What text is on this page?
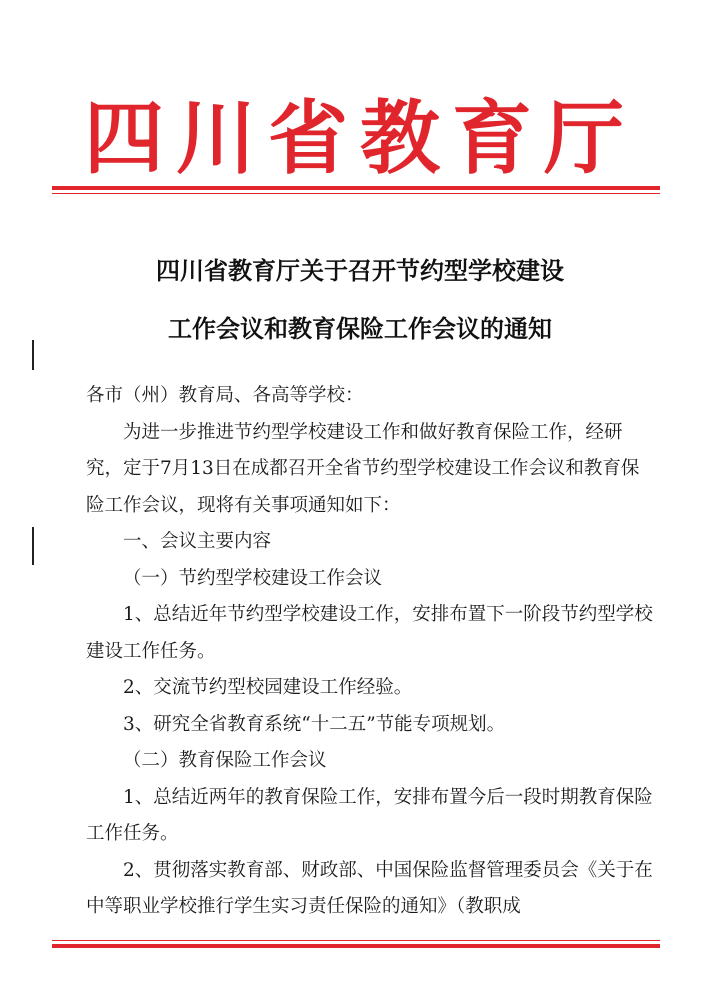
四川省教育厅
四川省教育厅关于召开节约型学校建设
工作会议和教育保险工作会议的通知

各市（州）教育局、各高等学校：

为进一步推进节约型学校建设工作和做好教育保险工作，经研究，定于7月13日在成都召开全省节约型学校建设工作会议和教育保险工作会议，现将有关事项通知如下：

一、会议主要内容

（一）节约型学校建设工作会议

1、总结近年节约型学校建设工作，安排布置下一阶段节约型学校建设工作任务。

2、交流节约型校园建设工作经验。

3、研究全省教育系统“十二五”节能专项规划。

（二）教育保险工作会议

1、总结近两年的教育保险工作，安排布置今后一段时期教育保险工作任务。

2、贯彻落实教育部、财政部、中国保险监督管理委员会《关于在中等职业学校推行学生实习责任保险的通知》（教职成
